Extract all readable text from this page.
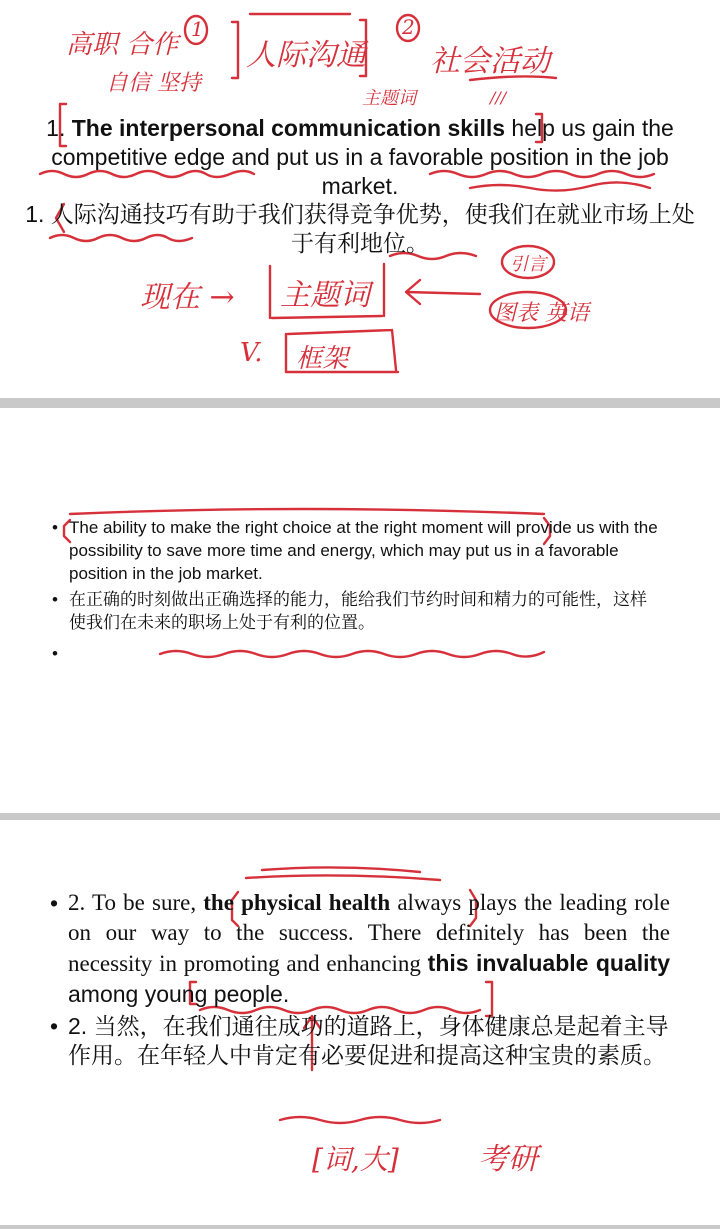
高职 合作
自信 坚持
1
人际沟通
2
社会活动
主题词	///
1. The interpersonal communication skills help us gain the competitive edge and put us in a favorable position in the job market.
1. 人际沟通技巧有助于我们获得竞争优势，使我们在就业市场上处于有利地位。
现在 → 主题词
引言
图表 英语
V. 框架
• The ability to make the right choice at the right moment will provide us with the possibility to save more time and energy, which may put us in a favorable position in the job market.
• 在正确的时刻做出正确选择的能力，能给我们节约时间和精力的可能性，这样使我们在未来的职场上处于有利的位置。
•
• 2. To be sure, the physical health always plays the leading role on our way to the success. There definitely has been the necessity in promoting and enhancing this invaluable quality among young people.
• 2. 当然，在我们通往成功的道路上，身体健康总是起着主导作用。在年轻人中肯定有必要促进和提高这种宝贵的素质。
[词,大]	考研
